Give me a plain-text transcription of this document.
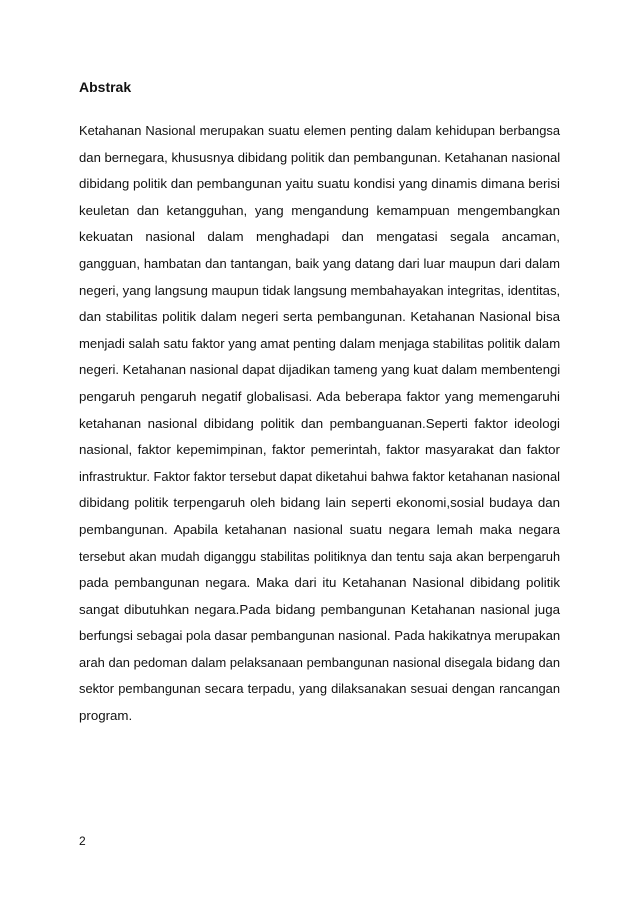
Abstrak
Ketahanan Nasional merupakan suatu elemen penting dalam kehidupan berbangsa
dan bernegara, khususnya dibidang politik dan pembangunan. Ketahanan nasional
dibidang politik dan pembangunan yaitu suatu kondisi yang dinamis dimana berisi
keuletan dan ketangguhan, yang mengandung kemampuan mengembangkan
kekuatan nasional dalam menghadapi dan mengatasi segala ancaman,
gangguan, hambatan dan tantangan, baik yang datang dari luar maupun dari dalam
negeri, yang langsung maupun tidak langsung membahayakan integritas, identitas,
dan stabilitas politik dalam negeri serta pembangunan. Ketahanan Nasional bisa
menjadi salah satu faktor yang amat penting dalam menjaga stabilitas politik dalam
negeri. Ketahanan nasional dapat dijadikan tameng yang kuat dalam membentengi
pengaruh pengaruh negatif globalisasi. Ada beberapa faktor yang memengaruhi
ketahanan nasional dibidang politik dan pembanguanan.Seperti faktor ideologi
nasional, faktor kepemimpinan, faktor pemerintah, faktor masyarakat dan faktor
infrastruktur. Faktor faktor tersebut dapat diketahui bahwa faktor ketahanan nasional
dibidang politik terpengaruh oleh bidang lain seperti ekonomi,sosial budaya dan
pembangunan. Apabila ketahanan nasional suatu negara lemah maka negara
tersebut akan mudah diganggu stabilitas politiknya dan tentu saja akan berpengaruh
pada pembangunan negara. Maka dari itu Ketahanan Nasional dibidang politik
sangat dibutuhkan negara.Pada bidang pembangunan Ketahanan nasional juga
berfungsi sebagai pola dasar pembangunan nasional. Pada hakikatnya merupakan
arah dan pedoman dalam pelaksanaan pembangunan nasional disegala bidang dan
sektor pembangunan secara terpadu, yang dilaksanakan sesuai dengan rancangan
program.
2
